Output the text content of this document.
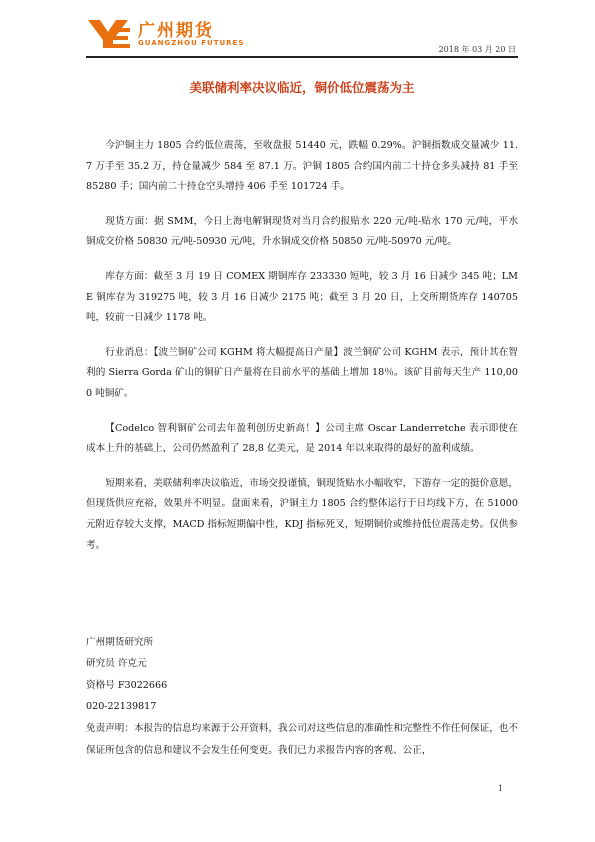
广州期货
GUANGZHOU FUTURES
2018 年 03 月 20 日
美联储利率决议临近，铜价低位震荡为主

今沪铜主力 1805 合约低位震荡，至收盘报 51440 元，跌幅 0.29%。沪铜指数成交量减少 11.7 万手至 35.2 万，持仓量减少 584 至 87.1 万。沪铜 1805 合约国内前二十持仓多头减持 81 手至 85280 手；国内前二十持仓空头增持 406 手至 101724 手。

现货方面：据 SMM，今日上海电解铜现货对当月合约报贴水 220 元/吨-贴水 170 元/吨，平水铜成交价格 50830 元/吨-50930 元/吨，升水铜成交价格 50850 元/吨-50970 元/吨。

库存方面：截至 3 月 19 日 COMEX 期铜库存 233330 短吨，较 3 月 16 日减少 345 吨；LME 铜库存为 319275 吨，较 3 月 16 日减少 2175 吨；截至 3 月 20 日，上交所期货库存 140705 吨，较前一日减少 1178 吨。

行业消息：【波兰铜矿公司 KGHM 将大幅提高日产量】波兰铜矿公司 KGHM 表示，预计其在智利的 Sierra Gorda 矿山的铜矿日产量将在目前水平的基础上增加 18％。该矿目前每天生产 110,000 吨铜矿。

【Codelco 智利铜矿公司去年盈利创历史新高！】公司主席 Oscar Landerretche 表示即使在成本上升的基础上，公司仍然盈利了 28,8 亿美元，是 2014 年以来取得的最好的盈利成绩。

短期来看，美联储利率决议临近，市场交投谨慎，铜现货贴水小幅收窄，下游存一定的挺价意愿，但现货供应充裕，效果并不明显。盘面来看，沪铜主力 1805 合约整体运行于日均线下方，在 51000 元附近存较大支撑，MACD 指标短期偏中性，KDJ 指标死叉，短期铜价或维持低位震荡走势。仅供参考。

广州期货研究所
研究员 许克元
资格号 F3022666
020-22139817
免责声明：本报告的信息均来源于公开资料，我公司对这些信息的准确性和完整性不作任何保证，也不保证所包含的信息和建议不会发生任何变更。我们已力求报告内容的客观、公正，
1
